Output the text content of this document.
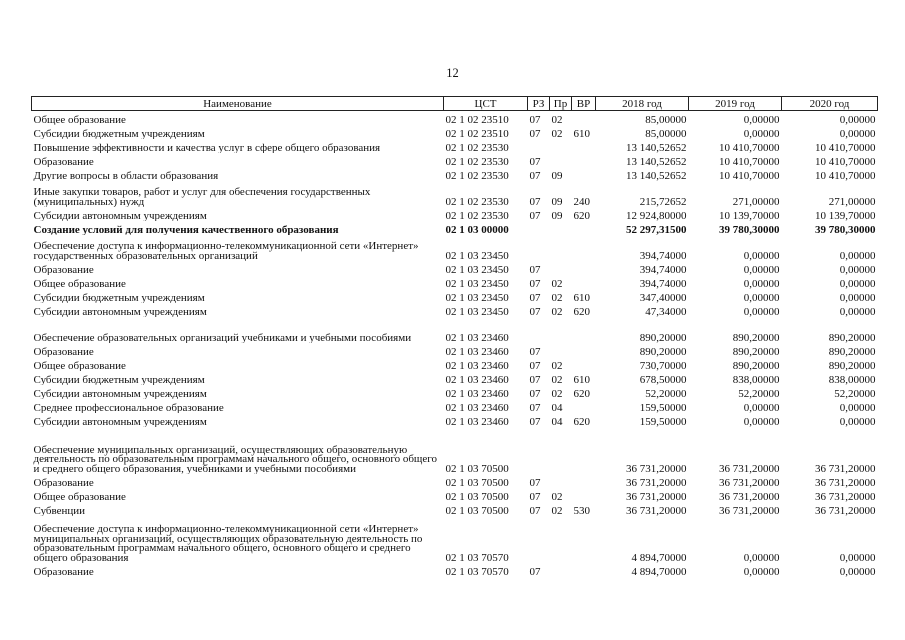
12
Наименование	ЦСТ	РЗ	Пр	ВР	2018 год	2019 год	2020 год
Общее образование	02 1 02 23510	07	02		85,00000	0,00000	0,00000
Субсидии бюджетным учреждениям	02 1 02 23510	07	02	610	85,00000	0,00000	0,00000
Повышение эффективности и качества услуг в сфере общего образования	02 1 02 23530				13 140,52652	10 410,70000	10 410,70000
Образование	02 1 02 23530	07			13 140,52652	10 410,70000	10 410,70000
Другие вопросы в области образования	02 1 02 23530	07	09		13 140,52652	10 410,70000	10 410,70000
Иные закупки товаров, работ и услуг для обеспечения государственных (муниципальных) нужд	02 1 02 23530	07	09	240	215,72652	271,00000	271,00000
Субсидии автономным учреждениям	02 1 02 23530	07	09	620	12 924,80000	10 139,70000	10 139,70000
Создание условий для получения качественного образования	02 1 03 00000				52 297,31500	39 780,30000	39 780,30000
Обеспечение доступа к информационно-телекоммуникационной сети «Интернет» государственных образовательных организаций	02 1 03 23450				394,74000	0,00000	0,00000
Образование	02 1 03 23450	07			394,74000	0,00000	0,00000
Общее образование	02 1 03 23450	07	02		394,74000	0,00000	0,00000
Субсидии бюджетным учреждениям	02 1 03 23450	07	02	610	347,40000	0,00000	0,00000
Субсидии автономным учреждениям	02 1 03 23450	07	02	620	47,34000	0,00000	0,00000
Обеспечение образовательных организаций учебниками и учебными пособиями	02 1 03 23460				890,20000	890,20000	890,20000
Образование	02 1 03 23460	07			890,20000	890,20000	890,20000
Общее образование	02 1 03 23460	07	02		730,70000	890,20000	890,20000
Субсидии бюджетным учреждениям	02 1 03 23460	07	02	610	678,50000	838,00000	838,00000
Субсидии автономным учреждениям	02 1 03 23460	07	02	620	52,20000	52,20000	52,20000
Среднее профессиональное образование	02 1 03 23460	07	04		159,50000	0,00000	0,00000
Субсидии автономным учреждениям	02 1 03 23460	07	04	620	159,50000	0,00000	0,00000
Обеспечение муниципальных организаций, осуществляющих образовательную деятельность по образовательным программам начального общего, основного общего и среднего общего образования, учебниками и учебными пособиями	02 1 03 70500				36 731,20000	36 731,20000	36 731,20000
Образование	02 1 03 70500	07			36 731,20000	36 731,20000	36 731,20000
Общее образование	02 1 03 70500	07	02		36 731,20000	36 731,20000	36 731,20000
Субвенции	02 1 03 70500	07	02	530	36 731,20000	36 731,20000	36 731,20000
Обеспечение доступа к информационно-телекоммуникационной сети «Интернет» муниципальных организаций, осуществляющих образовательную деятельность по образовательным программам начального общего, основного общего и среднего общего образования	02 1 03 70570				4 894,70000	0,00000	0,00000
Образование	02 1 03 70570	07			4 894,70000	0,00000	0,00000
